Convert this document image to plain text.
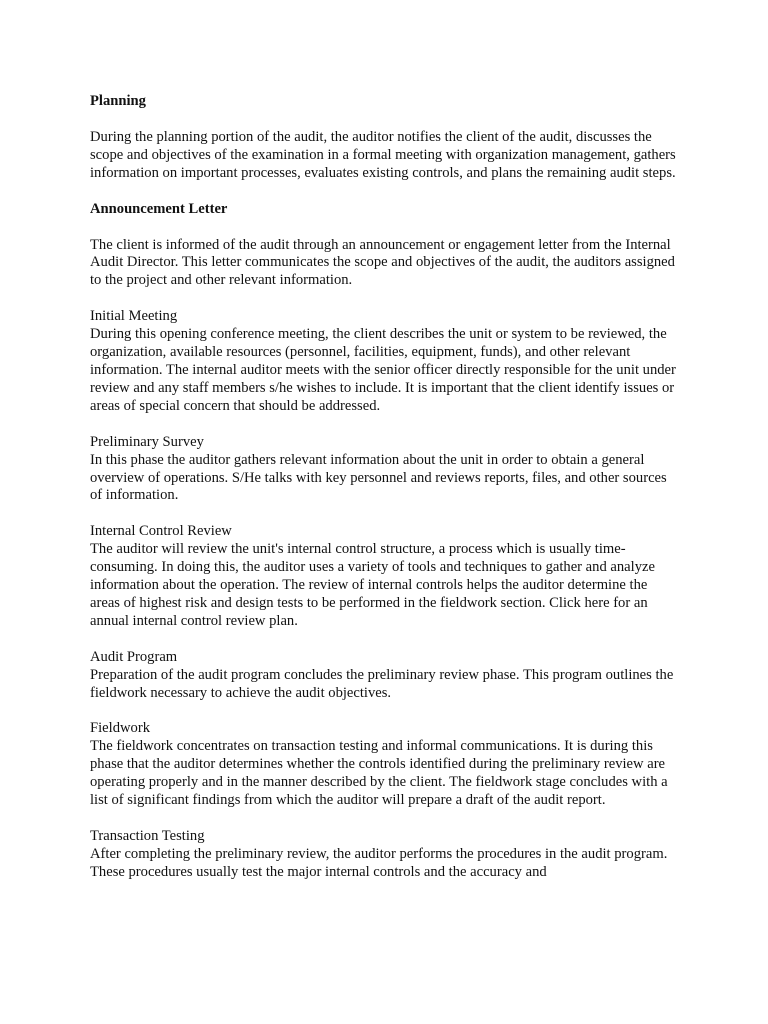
Planning

During the planning portion of the audit, the auditor notifies the client of the audit, discusses the scope and objectives of the examination in a formal meeting with organization management, gathers information on important processes, evaluates existing controls, and plans the remaining audit steps.

Announcement Letter

The client is informed of the audit through an announcement or engagement letter from the Internal Audit Director. This letter communicates the scope and objectives of the audit, the auditors assigned to the project and other relevant information.

Initial Meeting

During this opening conference meeting, the client describes the unit or system to be reviewed, the organization, available resources (personnel, facilities, equipment, funds), and other relevant information. The internal auditor meets with the senior officer directly responsible for the unit under review and any staff members s/he wishes to include. It is important that the client identify issues or areas of special concern that should be addressed.

Preliminary Survey

In this phase the auditor gathers relevant information about the unit in order to obtain a general overview of operations. S/He talks with key personnel and reviews reports, files, and other sources of information.

Internal Control Review

The auditor will review the unit's internal control structure, a process which is usually time-consuming. In doing this, the auditor uses a variety of tools and techniques to gather and analyze information about the operation. The review of internal controls helps the auditor determine the areas of highest risk and design tests to be performed in the fieldwork section. Click here for an annual internal control review plan.

Audit Program

Preparation of the audit program concludes the preliminary review phase. This program outlines the fieldwork necessary to achieve the audit objectives.

Fieldwork

The fieldwork concentrates on transaction testing and informal communications. It is during this phase that the auditor determines whether the controls identified during the preliminary review are operating properly and in the manner described by the client. The fieldwork stage concludes with a list of significant findings from which the auditor will prepare a draft of the audit report.

Transaction Testing

After completing the preliminary review, the auditor performs the procedures in the audit program. These procedures usually test the major internal controls and the accuracy and
